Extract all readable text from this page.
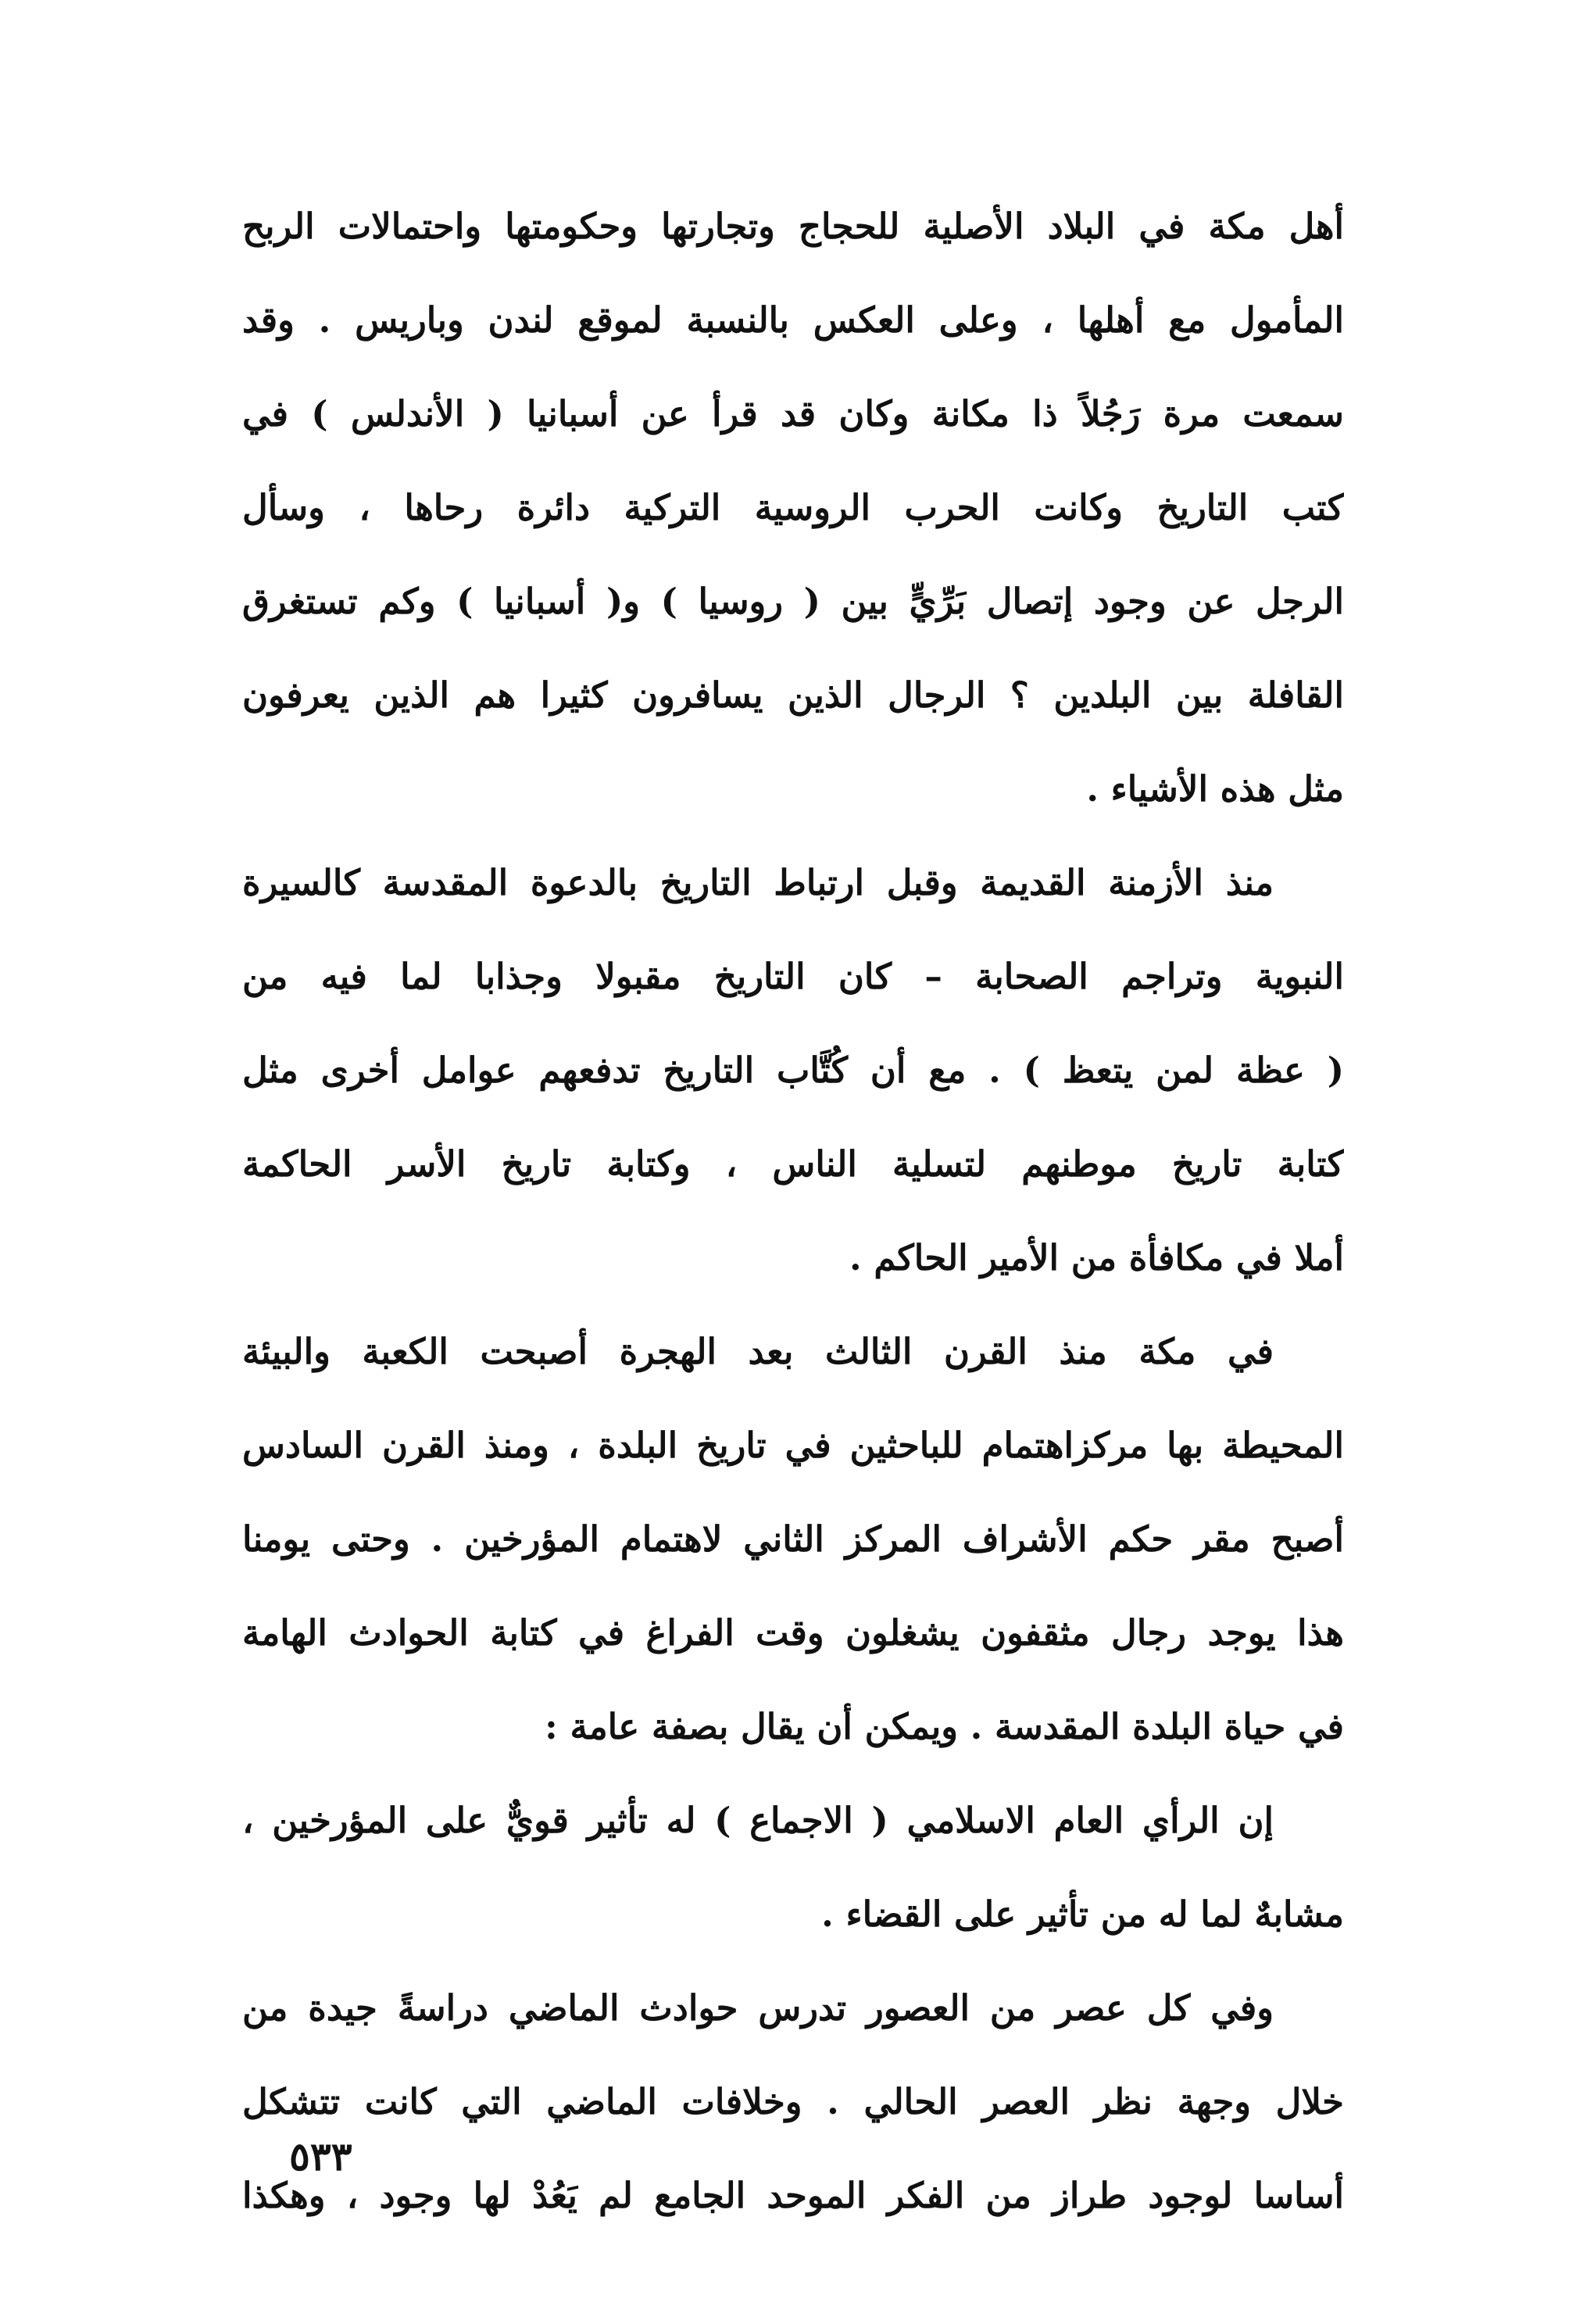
أهل مكة في البلاد الأصلية للحجاج وتجارتها وحكومتها واحتمالات الربح
المأمول مع أهلها ، وعلى العكس بالنسبة لموقع لندن وباريس . وقد
سمعت مرة رَجُلاً ذا مكانة وكان قد قرأ عن أسبانيا ( الأندلس ) في
كتب التاريخ وكانت الحرب الروسية التركية دائرة رحاها ، وسأل
الرجل عن وجود إتصال بَرِّيٍّ بين ( روسيا ) و( أسبانيا ) وكم تستغرق
القافلة بين البلدين ؟ الرجال الذين يسافرون كثيرا هم الذين يعرفون
مثل هذه الأشياء .
منذ الأزمنة القديمة وقبل ارتباط التاريخ بالدعوة المقدسة كالسيرة
النبوية وتراجم الصحابة – كان التاريخ مقبولا وجذابا لما فيه من
( عظة لمن يتعظ ) . مع أن كُتَّاب التاريخ تدفعهم عوامل أخرى مثل
كتابة تاريخ موطنهم لتسلية الناس ، وكتابة تاريخ الأسر الحاكمة
أملا في مكافأة من الأمير الحاكم .
في مكة منذ القرن الثالث بعد الهجرة أصبحت الكعبة والبيئة
المحيطة بها مركزاهتمام للباحثين في تاريخ البلدة ، ومنذ القرن السادس
أصبح مقر حكم الأشراف المركز الثاني لاهتمام المؤرخين . وحتى يومنا
هذا يوجد رجال مثقفون يشغلون وقت الفراغ في كتابة الحوادث الهامة
في حياة البلدة المقدسة . ويمكن أن يقال بصفة عامة :
إن الرأي العام الاسلامي ( الاجماع ) له تأثير قويٌّ على المؤرخين ،
مشابهٌ لما له من تأثير على القضاء .
وفي كل عصر من العصور تدرس حوادث الماضي دراسةً جيدة من
خلال وجهة نظر العصر الحالي . وخلافات الماضي التي كانت تتشكل
أساسا لوجود طراز من الفكر الموحد الجامع لم يَعُدْ لها وجود ، وهكذا
٥٣٣
